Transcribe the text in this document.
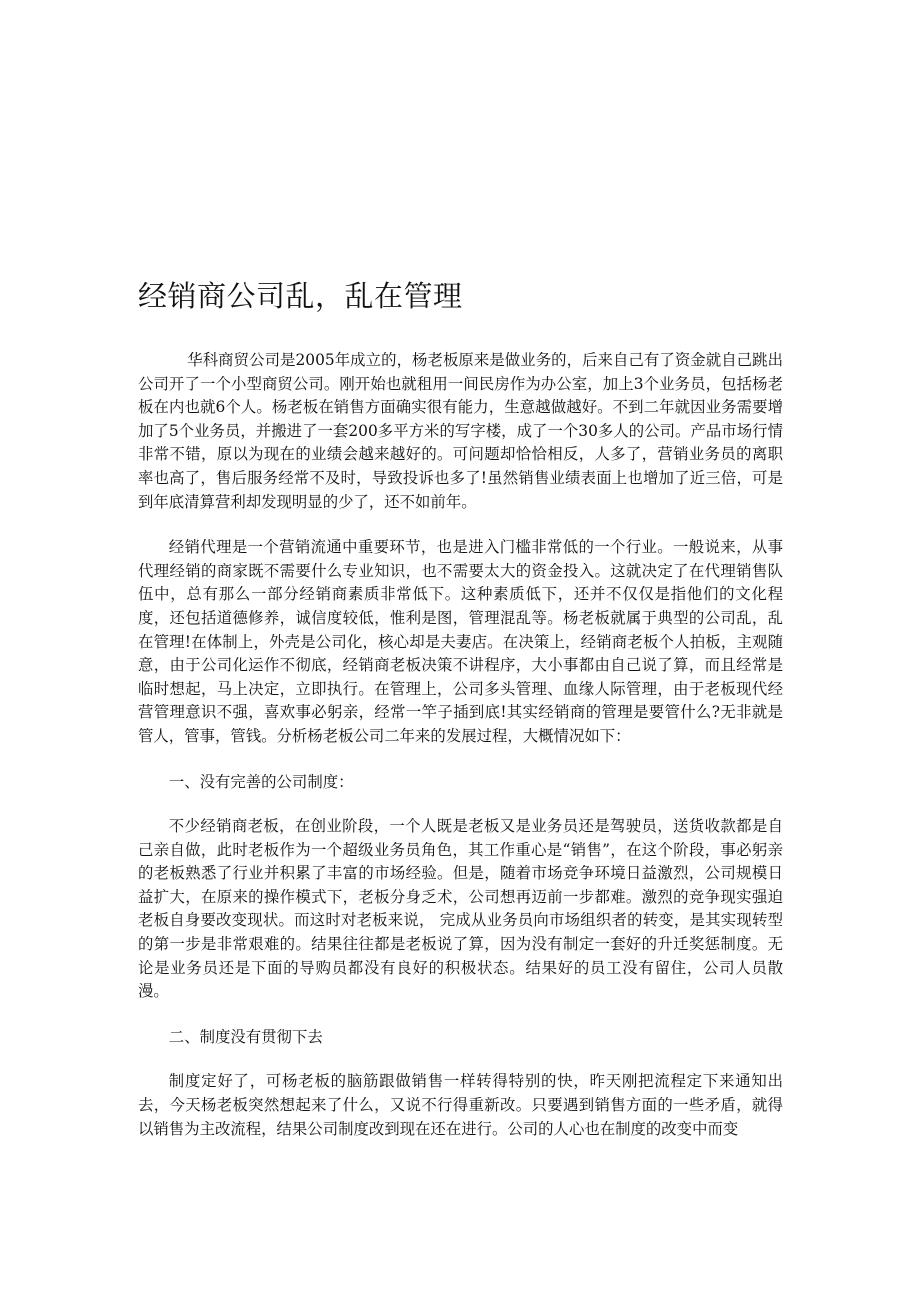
经销商公司乱，乱在管理

华科商贸公司是2005年成立的，杨老板原来是做业务的，后来自己有了资金就自己跳出公司开了一个小型商贸公司。刚开始也就租用一间民房作为办公室，加上3个业务员，包括杨老板在内也就6个人。杨老板在销售方面确实很有能力，生意越做越好。不到二年就因业务需要增加了5个业务员，并搬进了一套200多平方米的写字楼，成了一个30多人的公司。产品市场行情非常不错，原以为现在的业绩会越来越好的。可问题却恰恰相反，人多了，营销业务员的离职率也高了，售后服务经常不及时，导致投诉也多了!虽然销售业绩表面上也增加了近三倍，可是到年底清算营利却发现明显的少了，还不如前年。

经销代理是一个营销流通中重要环节，也是进入门槛非常低的一个行业。一般说来，从事代理经销的商家既不需要什么专业知识，也不需要太大的资金投入。这就决定了在代理销售队伍中，总有那么一部分经销商素质非常低下。这种素质低下，还并不仅仅是指他们的文化程度，还包括道德修养，诚信度较低，惟利是图，管理混乱等。杨老板就属于典型的公司乱，乱在管理!在体制上，外壳是公司化，核心却是夫妻店。在决策上，经销商老板个人拍板，主观随意，由于公司化运作不彻底，经销商老板决策不讲程序，大小事都由自己说了算，而且经常是临时想起，马上决定，立即执行。在管理上，公司多头管理、血缘人际管理，由于老板现代经营管理意识不强，喜欢事必躬亲，经常一竿子插到底!其实经销商的管理是要管什么?无非就是管人，管事，管钱。分析杨老板公司二年来的发展过程，大概情况如下：

一、没有完善的公司制度：

不少经销商老板，在创业阶段，一个人既是老板又是业务员还是驾驶员，送货收款都是自己亲自做，此时老板作为一个超级业务员角色，其工作重心是“销售”，在这个阶段，事必躬亲的老板熟悉了行业并积累了丰富的市场经验。但是，随着市场竞争环境日益激烈，公司规模日益扩大，在原来的操作模式下，老板分身乏术，公司想再迈前一步都难。激烈的竞争现实强迫老板自身要改变现状。而这时对老板来说， 完成从业务员向市场组织者的转变，是其实现转型的第一步是非常艰难的。结果往往都是老板说了算，因为没有制定一套好的升迁奖惩制度。无论是业务员还是下面的导购员都没有良好的积极状态。结果好的员工没有留住，公司人员散漫。

二、制度没有贯彻下去

制度定好了，可杨老板的脑筋跟做销售一样转得特别的快，昨天刚把流程定下来通知出去，今天杨老板突然想起来了什么，又说不行得重新改。只要遇到销售方面的一些矛盾，就得以销售为主改流程，结果公司制度改到现在还在进行。公司的人心也在制度的改变中而变
